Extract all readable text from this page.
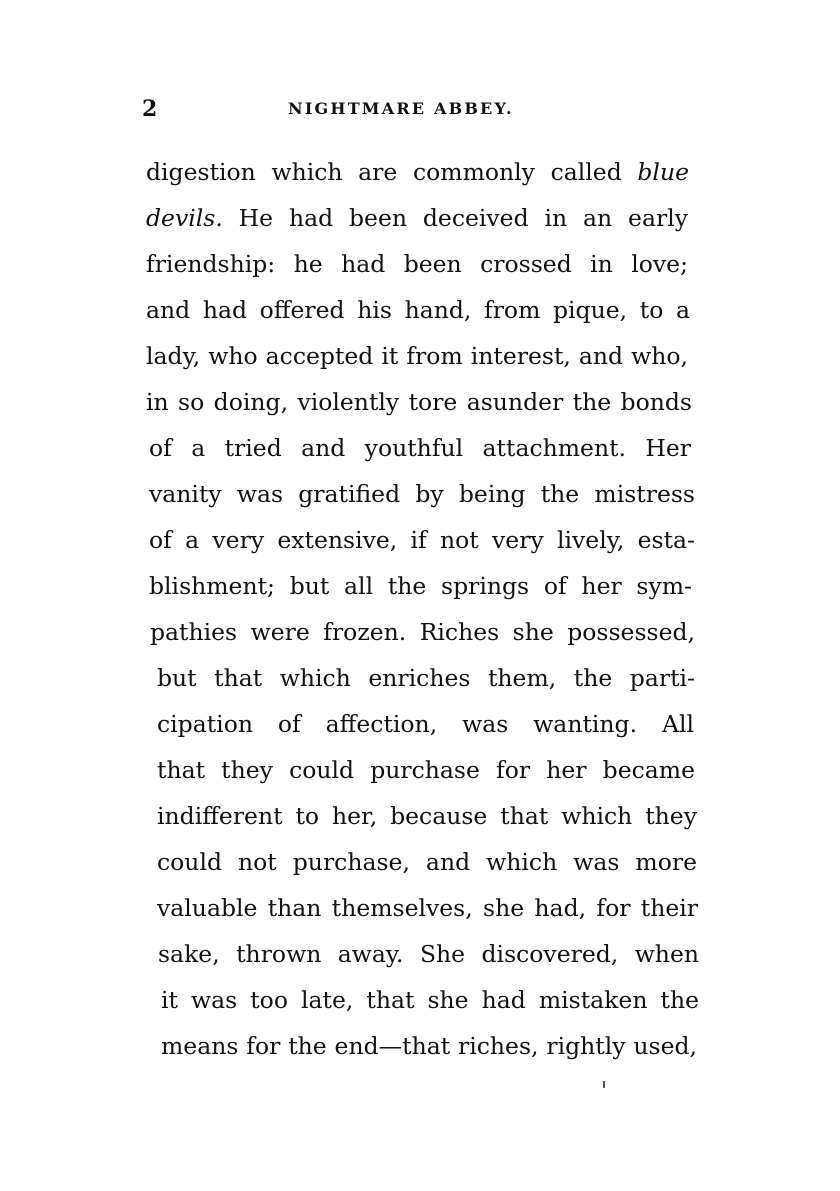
2	NIGHTMARE ABBEY.
digestion which are commonly called blue
devils. He had been deceived in an early
friendship: he had been crossed in love;
and had offered his hand, from pique, to a
lady, who accepted it from interest, and who,
in so doing, violently tore asunder the bonds
of a tried and youthful attachment. Her
vanity was gratified by being the mistress
of a very extensive, if not very lively, esta-
blishment; but all the springs of her sym-
pathies were frozen. Riches she possessed,
but that which enriches them, the parti-
cipation of affection, was wanting. All
that they could purchase for her became
indifferent to her, because that which they
could not purchase, and which was more
valuable than themselves, she had, for their
sake, thrown away. She discovered, when
it was too late, that she had mistaken the
means for the end—that riches, rightly used,
